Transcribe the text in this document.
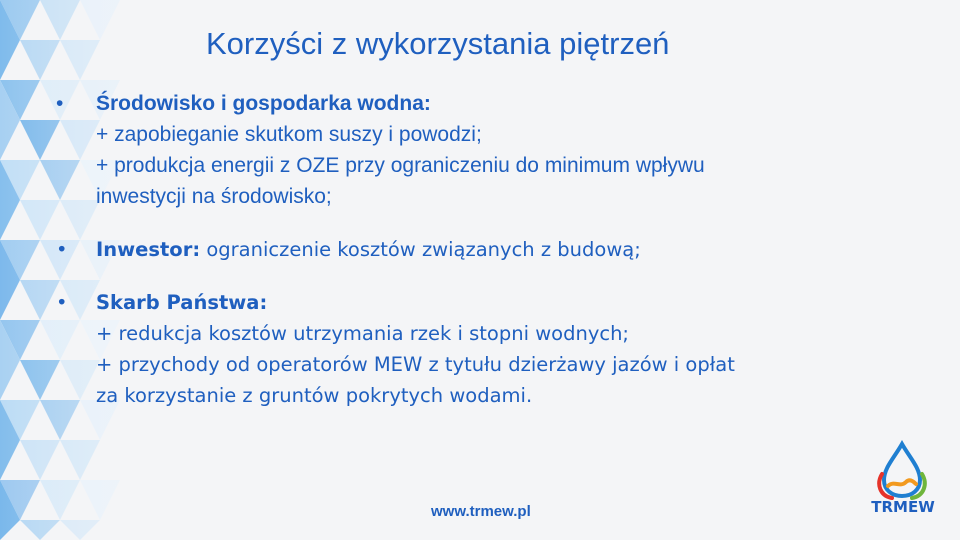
Korzyści z wykorzystania piętrzeń
• Środowisko i gospodarka wodna:
+ zapobieganie skutkom suszy i powodzi;
+ produkcja energii z OZE przy ograniczeniu do minimum wpływu
inwestycji na środowisko;
• Inwestor: ograniczenie kosztów związanych z budową;
• Skarb Państwa:
+ redukcja kosztów utrzymania rzek i stopni wodnych;
+ przychody od operatorów MEW z tytułu dzierżawy jazów i opłat
za korzystanie z gruntów pokrytych wodami.
www.trmew.pl	TRMEW
